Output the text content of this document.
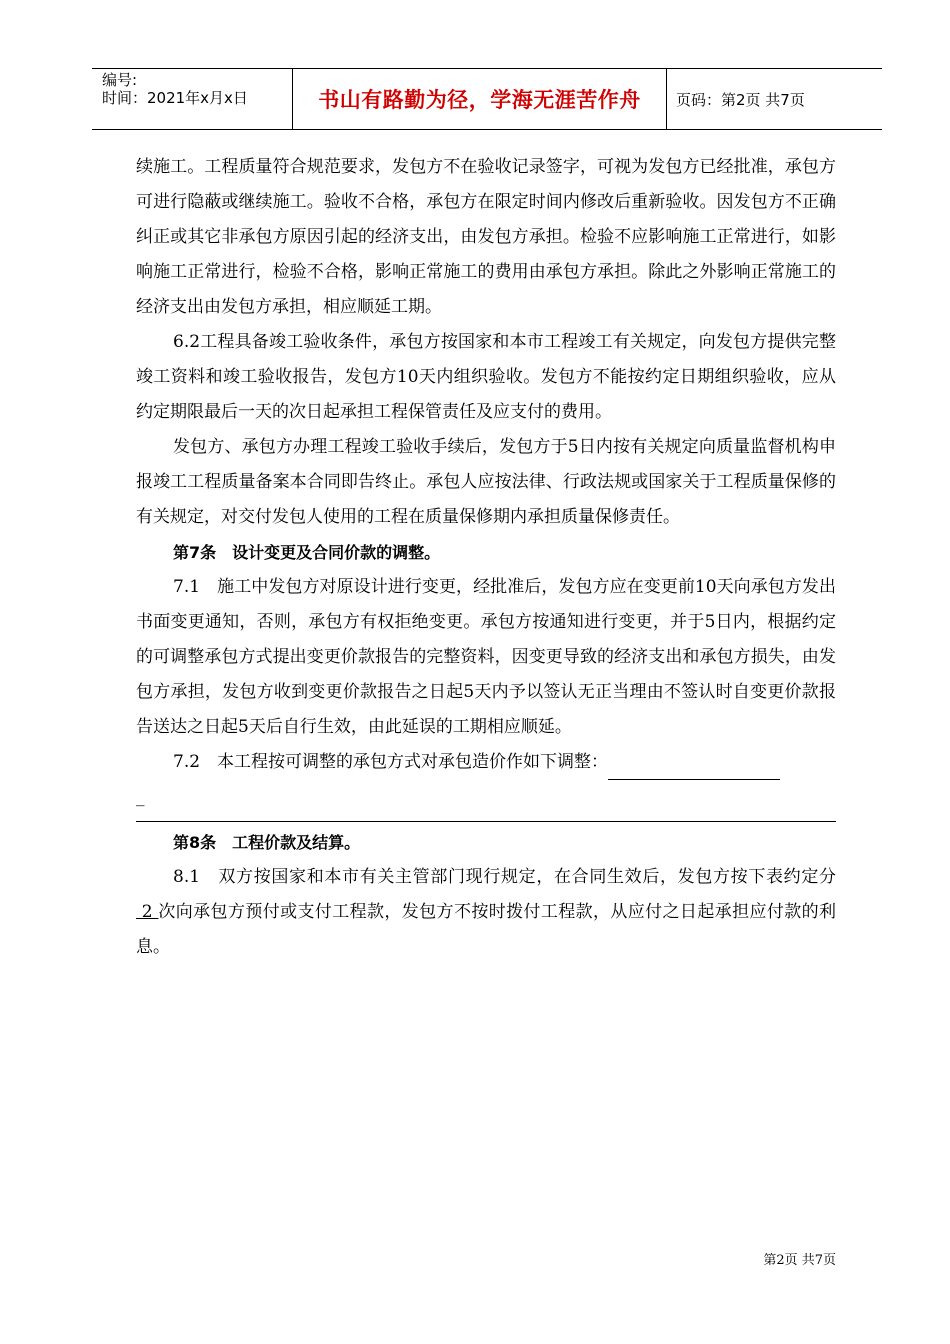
编号:
时间：2021年x月x日	书山有路勤为径，学海无涯苦作舟 页码：第2页 共7页

续施工。工程质量符合规范要求，发包方不在验收记录签字，可视为发包方已经批准，承包方可进行隐蔽或继续施工。验收不合格，承包方在限定时间内修改后重新验收。因发包方不正确纠正或其它非承包方原因引起的经济支出，由发包方承担。检验不应影响施工正常进行，如影响施工正常进行，检验不合格，影响正常施工的费用由承包方承担。除此之外影响正常施工的经济支出由发包方承担，相应顺延工期。

6.2工程具备竣工验收条件，承包方按国家和本市工程竣工有关规定，向发包方提供完整竣工资料和竣工验收报告，发包方10天内组织验收。发包方不能按约定日期组织验收，应从约定期限最后一天的次日起承担工程保管责任及应支付的费用。

发包方、承包方办理工程竣工验收手续后，发包方于5日内按有关规定向质量监督机构申报竣工工程质量备案本合同即告终止。承包人应按法律、行政法规或国家关于工程质量保修的有关规定，对交付发包人使用的工程在质量保修期内承担质量保修责任。

第7条　设计变更及合同价款的调整。

7.1　施工中发包方对原设计进行变更，经批准后，发包方应在变更前10天向承包方发出书面变更通知，否则，承包方有权拒绝变更。承包方按通知进行变更，并于5日内，根据约定的可调整承包方式提出变更价款报告的完整资料，因变更导致的经济支出和承包方损失，由发包方承担，发包方收到变更价款报告之日起5天内予以签认无正当理由不签认时自变更价款报告送达之日起5天后自行生效，由此延误的工期相应顺延。

7.2　本工程按可调整的承包方式对承包造价作如下调整：
_
第8条　工程价款及结算。

8.1　双方按国家和本市有关主管部门现行规定，在合同生效后，发包方按下表约定分 2 次向承包方预付或支付工程款，发包方不按时拨付工程款，从应付之日起承担应付款的利息。

第2页 共7页
